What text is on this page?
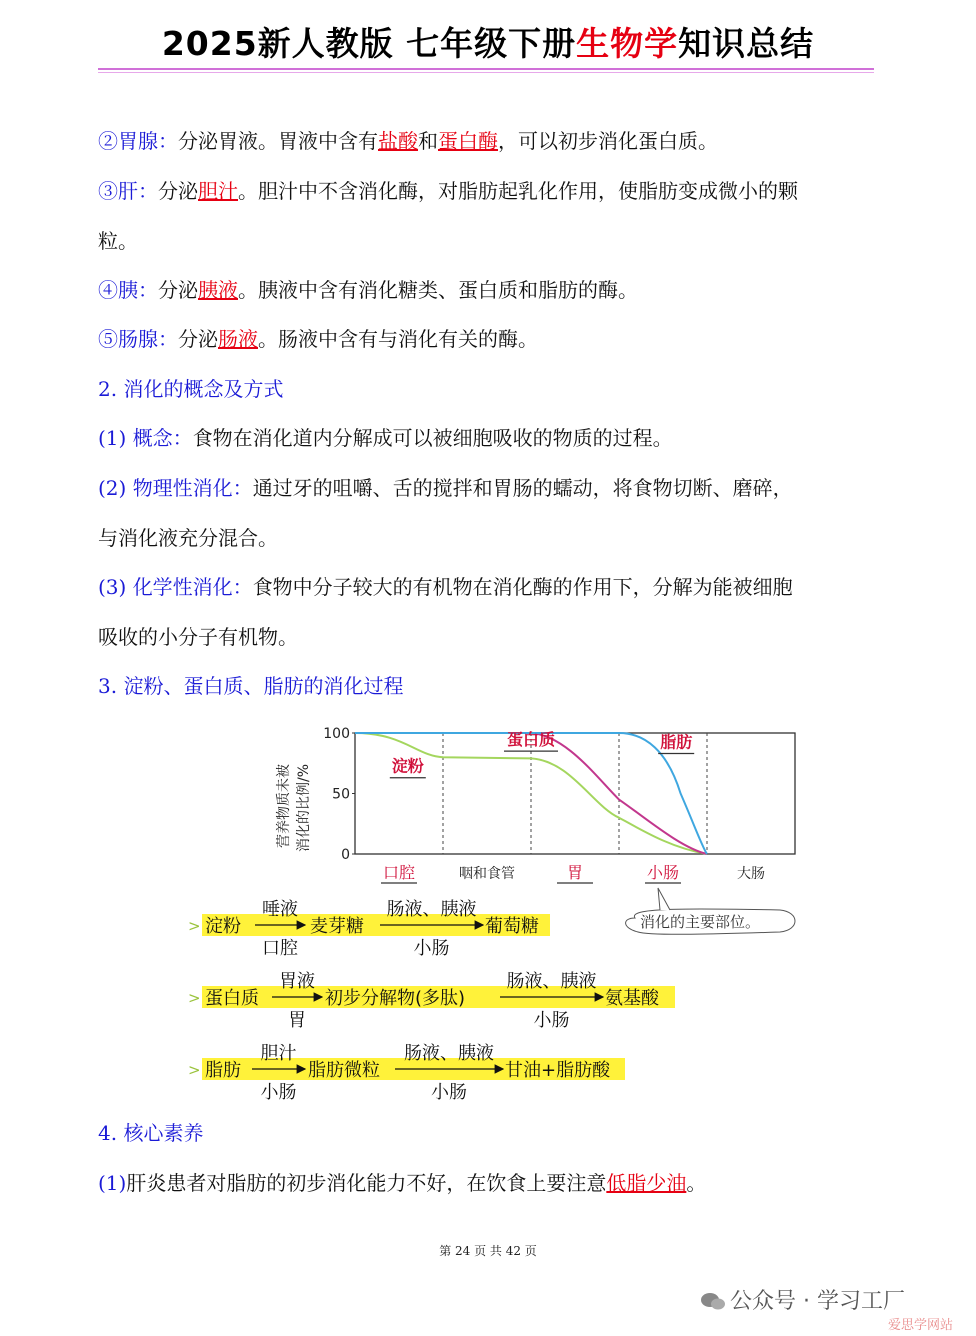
2025新人教版 七年级下册生物学知识总结
②胃腺：分泌胃液。胃液中含有盐酸和蛋白酶，可以初步消化蛋白质。
③肝：分泌胆汁。胆汁中不含消化酶，对脂肪起乳化作用，使脂肪变成微小的颗
粒。
④胰：分泌胰液。胰液中含有消化糖类、蛋白质和脂肪的酶。
⑤肠腺：分泌肠液。肠液中含有与消化有关的酶。
2. 消化的概念及方式
(1) 概念：食物在消化道内分解成可以被细胞吸收的物质的过程。
(2) 物理性消化：通过牙的咀嚼、舌的搅拌和胃肠的蠕动，将食物切断、磨碎，
与消化液充分混合。
(3) 化学性消化：食物中分子较大的有机物在消化酶的作用下，分解为能被细胞
吸收的小分子有机物。
3. 淀粉、蛋白质、脂肪的消化过程
营养物质未被 消化的比例/%
0
50
100
淀粉
蛋白质	脂肪
口腔	咽和食管	胃	小肠	大肠
消化的主要部位。
> 淀粉
唾液
口腔
麦芽糖
肠液、胰液
小肠
葡萄糖
> 蛋白质
胃液
胃
初步分解物(多肽)
肠液、胰液
小肠
氨基酸
> 脂肪
胆汁
小肠
脂肪微粒
肠液、胰液
小肠
甘油+脂肪酸
4. 核心素养
(1)肝炎患者对脂肪的初步消化能力不好，在饮食上要注意低脂少油。
第 24 页 共 42 页
公众号 · 学习工厂
爱思学网站
